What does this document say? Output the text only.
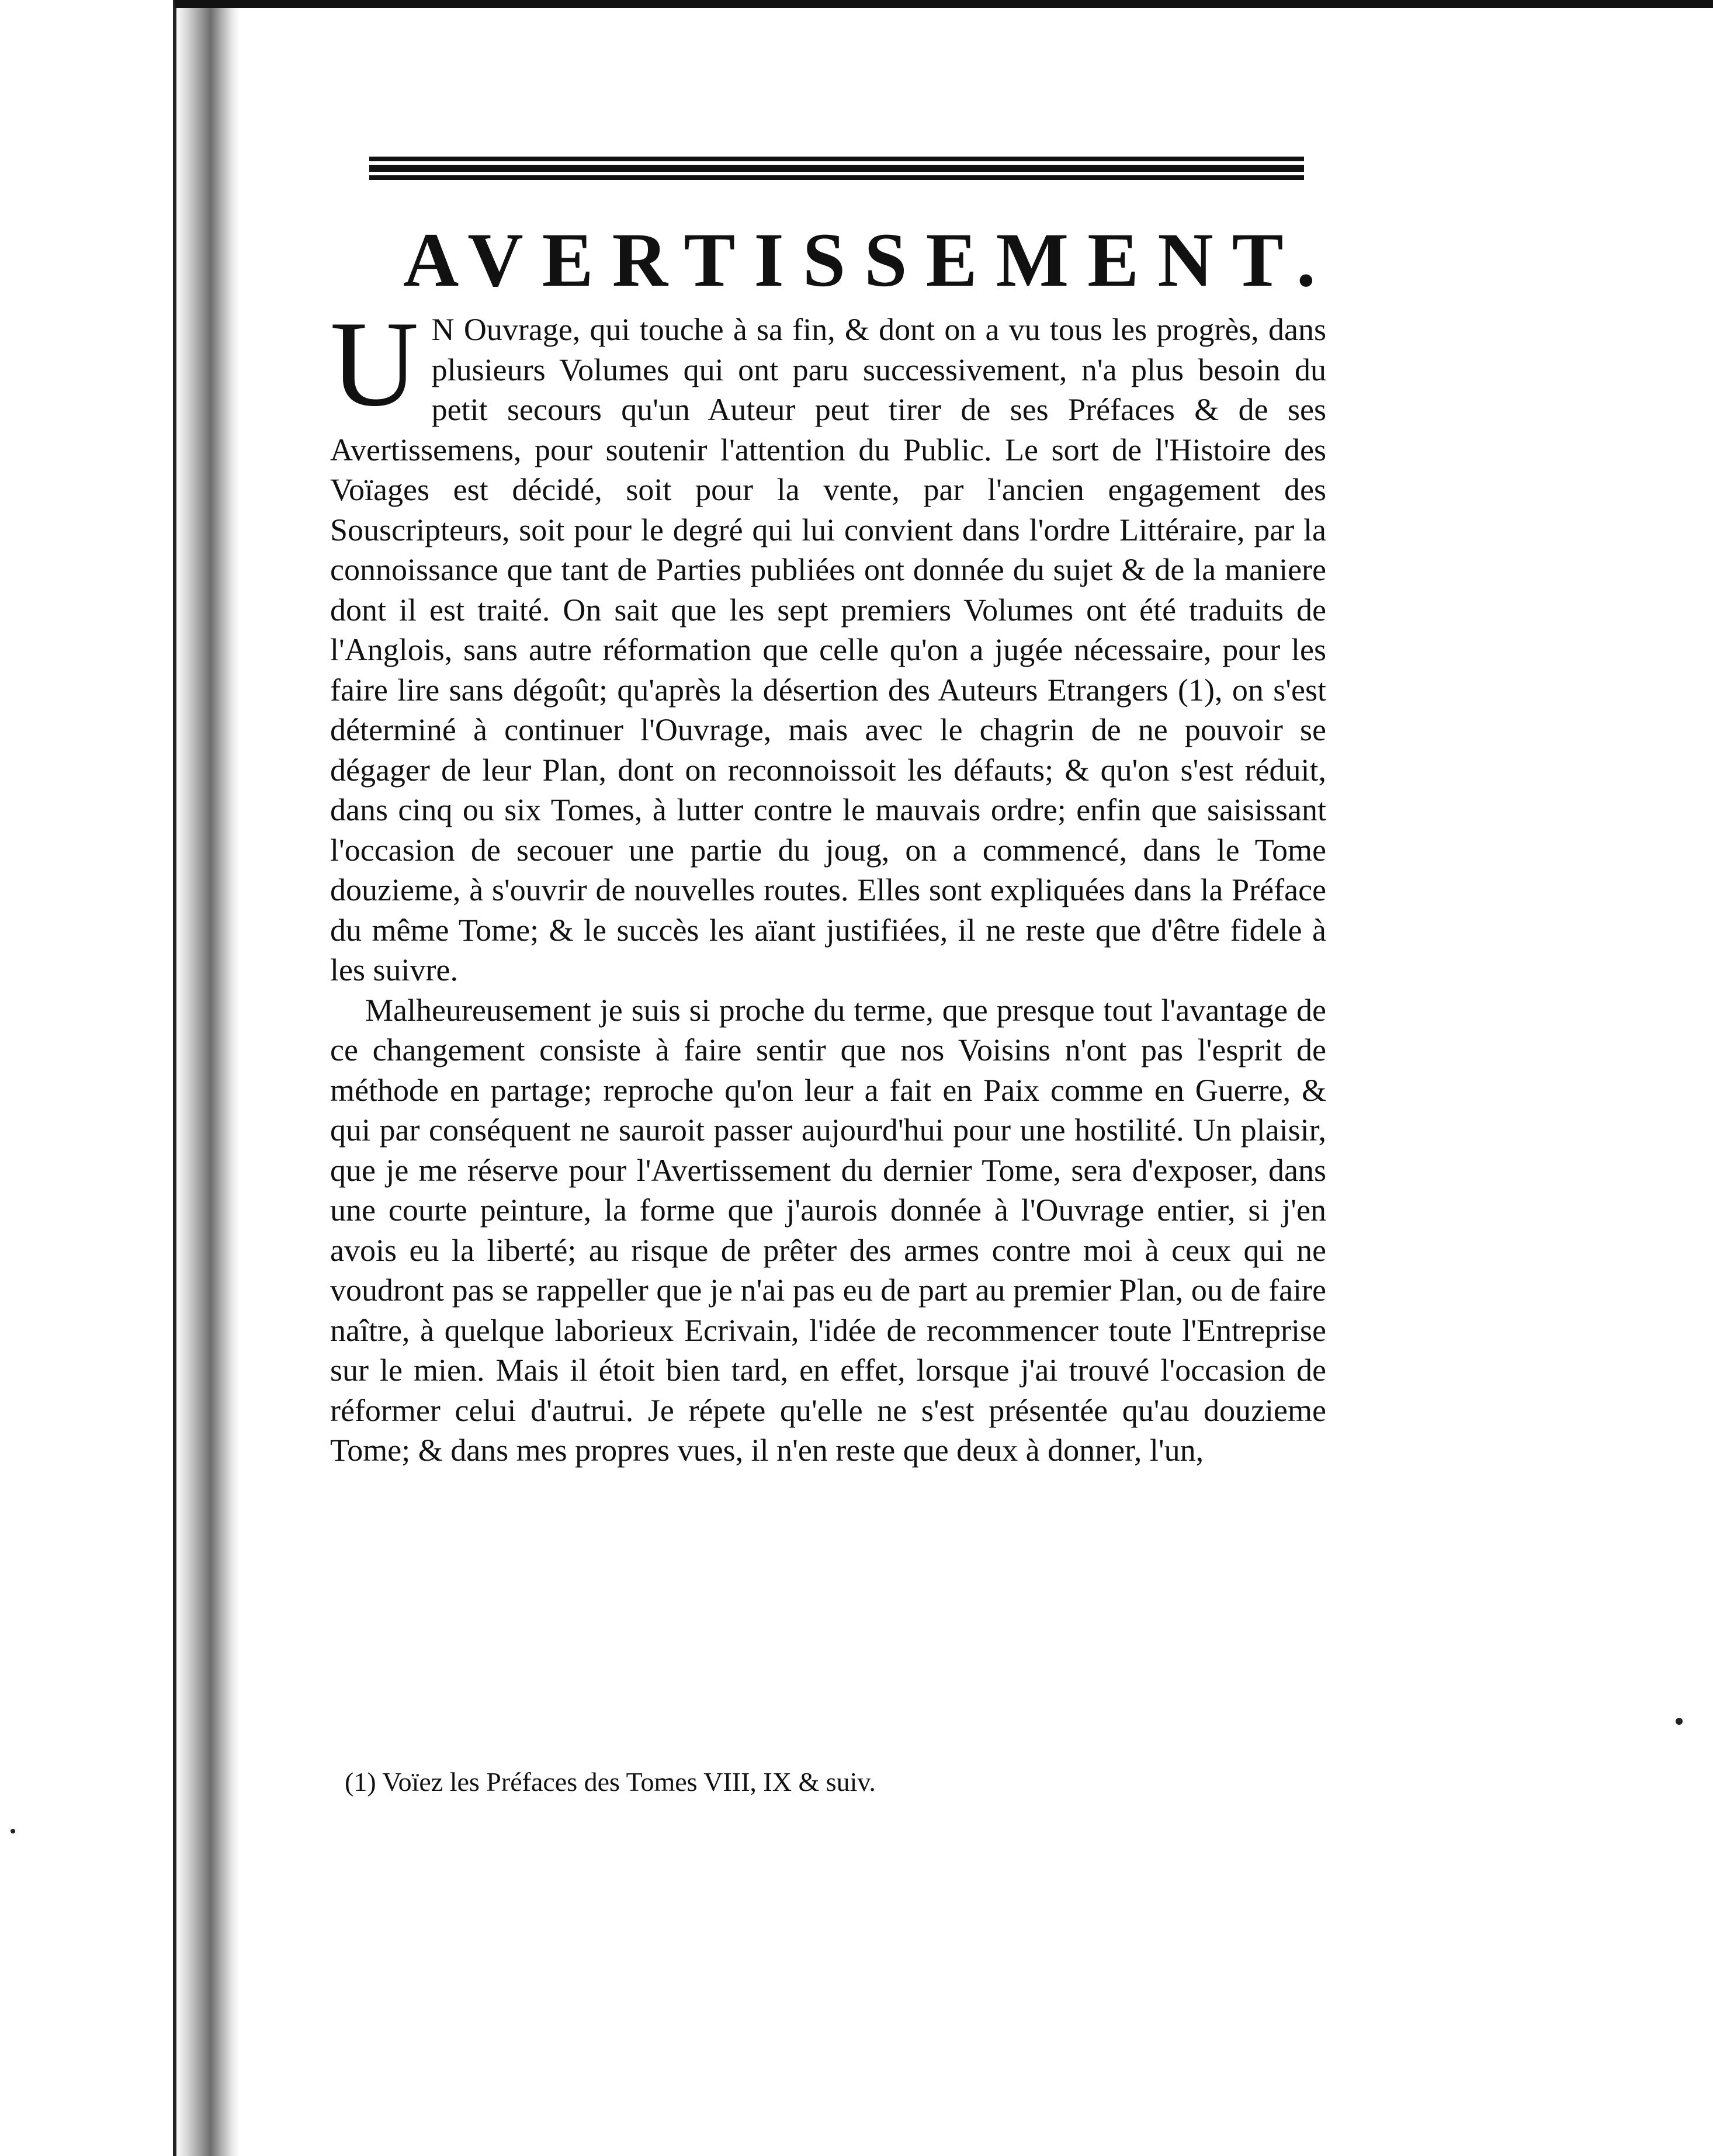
AVERTISSEMENT.

U N Ouvrage, qui touche à sa fin, & dont on a vu tous les progrès, dans plusieurs Volumes qui ont paru successivement, n'a plus besoin du petit secours qu'un Auteur peut tirer de ses Préfaces & de ses Avertissemens, pour soutenir l'attention du Public. Le sort de l'Histoire des Voïages est décidé, soit pour la vente, par l'ancien engagement des Souscripteurs, soit pour le degré qui lui convient dans l'ordre Littéraire, par la connoissance que tant de Parties publiées ont donnée du sujet & de la maniere dont il est traité. On sait que les sept premiers Volumes ont été traduits de l'Anglois, sans autre réformation que celle qu'on a jugée nécessaire, pour les faire lire sans dégoût; qu'après la désertion des Auteurs Etrangers (1), on s'est déterminé à continuer l'Ouvrage, mais avec le chagrin de ne pouvoir se dégager de leur Plan, dont on reconnoissoit les défauts; & qu'on s'est réduit, dans cinq ou six Tomes, à lutter contre le mauvais ordre; enfin que saisissant l'occasion de secouer une partie du joug, on a commencé, dans le Tome douzieme, à s'ouvrir de nouvelles routes. Elles sont expliquées dans la Préface du même Tome; & le succès les aïant justifiées, il ne reste que d'être fidele à les suivre.

Malheureusement je suis si proche du terme, que presque tout l'avantage de ce changement consiste à faire sentir que nos Voisins n'ont pas l'esprit de méthode en partage; reproche qu'on leur a fait en Paix comme en Guerre, & qui par conséquent ne sauroit passer aujourd'hui pour une hostilité. Un plaisir, que je me réserve pour l'Avertissement du dernier Tome, sera d'exposer, dans une courte peinture, la forme que j'aurois donnée à l'Ouvrage entier, si j'en avois eu la liberté; au risque de prêter des armes contre moi à ceux qui ne voudront pas se rappeller que je n'ai pas eu de part au premier Plan, ou de faire naître, à quelque laborieux Ecrivain, l'idée de recommencer toute l'Entreprise sur le mien. Mais il étoit bien tard, en effet, lorsque j'ai trouvé l'occasion de réformer celui d'autrui. Je répete qu'elle ne s'est présentée qu'au douzieme Tome; & dans mes propres vues, il n'en reste que deux à donner, l'un,

(1) Voïez les Préfaces des Tomes VIII, IX & suiv.
